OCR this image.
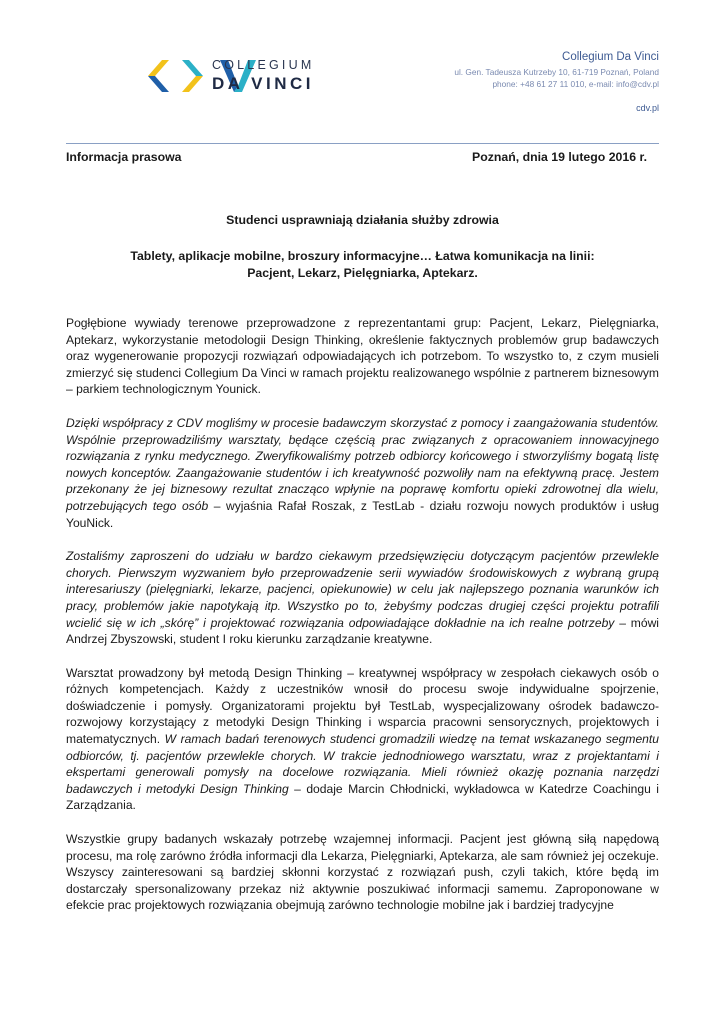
COLLEGIUM
DA VINCI
Collegium Da Vinci
ul. Gen. Tadeusza Kutrzeby 10, 61-719 Poznań, Poland
phone: +48 61 27 11 010, e-mail: info@cdv.pl
cdv.pl
Informacja prasowa	Poznań, dnia 19 lutego 2016 r.
Studenci usprawniają działania służby zdrowia
Tablety, aplikacje mobilne, broszury informacyjne… Łatwa komunikacja na linii:
Pacjent, Lekarz, Pielęgniarka, Aptekarz.

Pogłębione wywiady terenowe przeprowadzone z reprezentantami grup: Pacjent, Lekarz, Pielęgniarka, Aptekarz, wykorzystanie metodologii Design Thinking, określenie faktycznych problemów grup badawczych oraz wygenerowanie propozycji rozwiązań odpowiadających ich potrzebom. To wszystko to, z czym musieli zmierzyć się studenci Collegium Da Vinci w ramach projektu realizowanego wspólnie z partnerem biznesowym – parkiem technologicznym Younick.

Dzięki współpracy z CDV mogliśmy w procesie badawczym skorzystać z pomocy i zaangażowania studentów. Wspólnie przeprowadziliśmy warsztaty, będące częścią prac związanych z opracowaniem innowacyjnego rozwiązania z rynku medycznego. Zweryfikowaliśmy potrzeb odbiorcy końcowego i stworzyliśmy bogatą listę nowych konceptów. Zaangażowanie studentów i ich kreatywność pozwoliły nam na efektywną pracę. Jestem przekonany że jej biznesowy rezultat znacząco wpłynie na poprawę komfortu opieki zdrowotnej dla wielu, potrzebujących tego osób – wyjaśnia Rafał Roszak, z TestLab - działu rozwoju nowych produktów i usług YouNick.

Zostaliśmy zaproszeni do udziału w bardzo ciekawym przedsięwzięciu dotyczącym pacjentów przewlekle chorych. Pierwszym wyzwaniem było przeprowadzenie serii wywiadów środowiskowych z wybraną grupą interesariuszy (pielęgniarki, lekarze, pacjenci, opiekunowie) w celu jak najlepszego poznania warunków ich pracy, problemów jakie napotykają itp. Wszystko po to, żebyśmy podczas drugiej części projektu potrafili wcielić się w ich „skórę” i projektować rozwiązania odpowiadające dokładnie na ich realne potrzeby – mówi Andrzej Zbyszowski, student I roku kierunku zarządzanie kreatywne.

Warsztat prowadzony był metodą Design Thinking – kreatywnej współpracy w zespołach ciekawych osób o różnych kompetencjach. Każdy z uczestników wnosił do procesu swoje indywidualne spojrzenie, doświadczenie i pomysły. Organizatorami projektu był TestLab, wyspecjalizowany ośrodek badawczo-rozwojowy korzystający z metodyki Design Thinking i wsparcia pracowni sensorycznych, projektowych i matematycznych. W ramach badań terenowych studenci gromadzili wiedzę na temat wskazanego segmentu odbiorców, tj. pacjentów przewlekle chorych. W trakcie jednodniowego warsztatu, wraz z projektantami i ekspertami generowali pomysły na docelowe rozwiązania. Mieli również okazję poznania narzędzi badawczych i metodyki Design Thinking – dodaje Marcin Chłodnicki, wykładowca w Katedrze Coachingu i Zarządzania.

Wszystkie grupy badanych wskazały potrzebę wzajemnej informacji. Pacjent jest główną siłą napędową procesu, ma rolę zarówno źródła informacji dla Lekarza, Pielęgniarki, Aptekarza, ale sam również jej oczekuje. Wszyscy zainteresowani są bardziej skłonni korzystać z rozwiązań push, czyli takich, które będą im dostarczały spersonalizowany przekaz niż aktywnie poszukiwać informacji samemu. Zaproponowane w efekcie prac projektowych rozwiązania obejmują zarówno technologie mobilne jak i bardziej tradycyjne
